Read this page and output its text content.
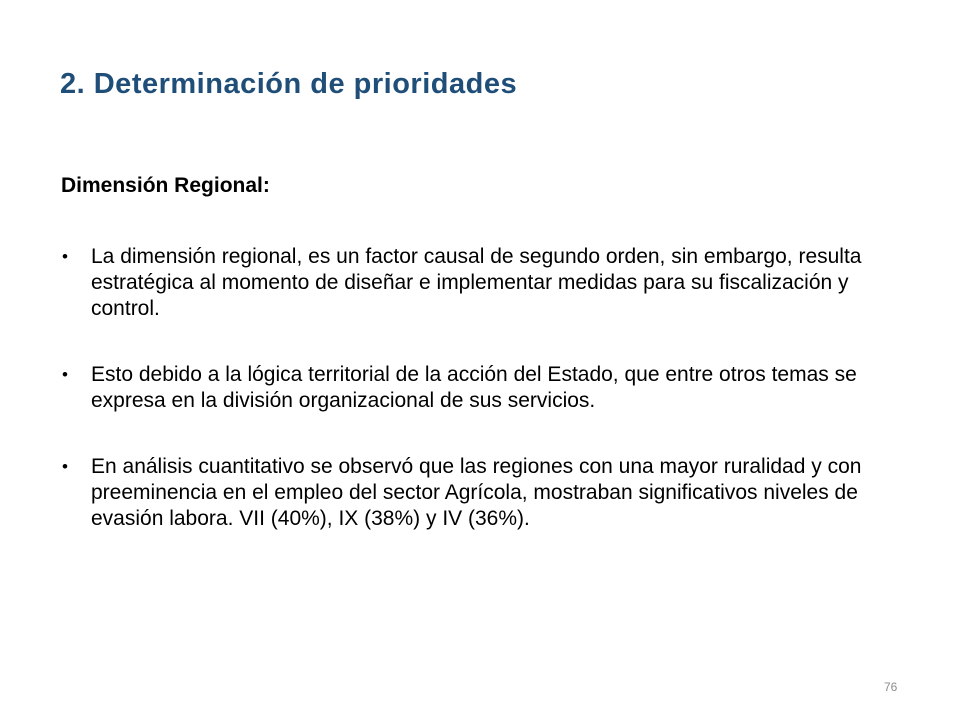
2. Determinación de prioridades
Dimensión Regional:
• La dimensión regional, es un factor causal de segundo orden, sin embargo, resulta estratégica al momento de diseñar e implementar medidas para su fiscalización y control.
• Esto debido a la lógica territorial de la acción del Estado, que entre otros temas se expresa en la división organizacional de sus servicios.
• En análisis cuantitativo se observó que las regiones con una mayor ruralidad y con preeminencia en el empleo del sector Agrícola, mostraban significativos niveles de evasión labora. VII (40%), IX (38%) y IV (36%).
76
